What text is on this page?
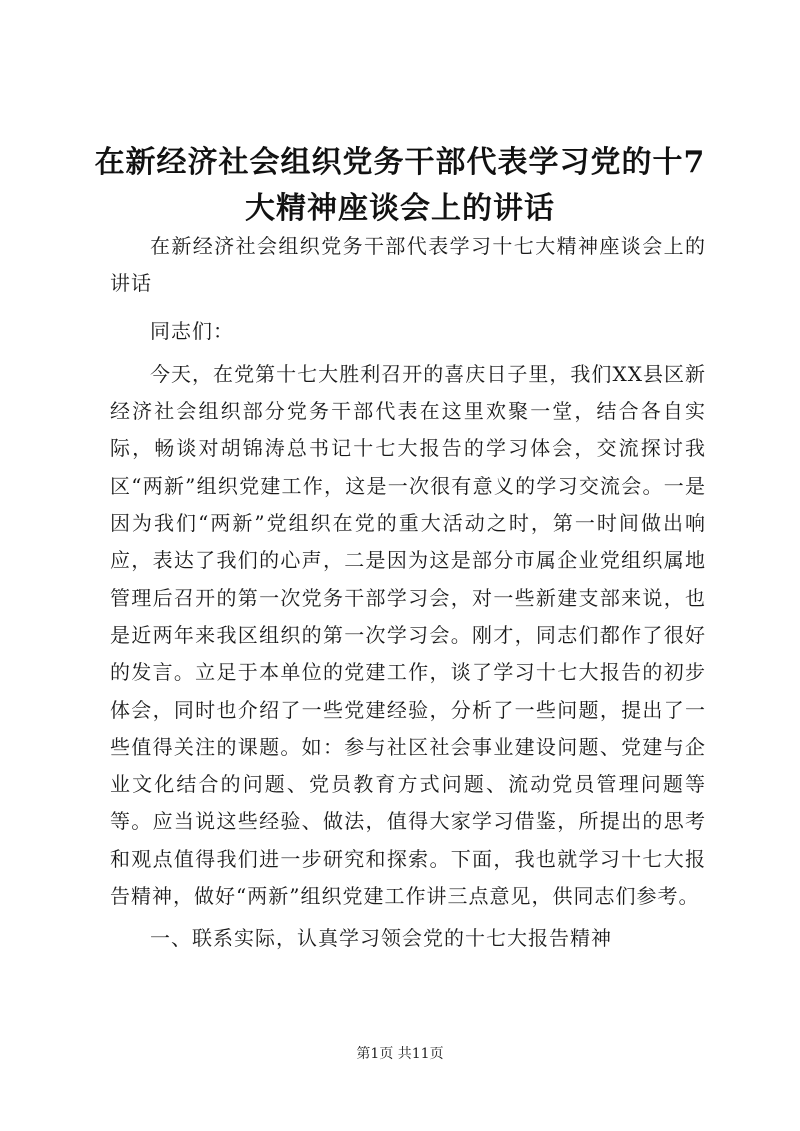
在新经济社会组织党务干部代表学习党的十7大精神座谈会上的讲话

在新经济社会组织党务干部代表学习十七大精神座谈会上的讲话

同志们：

今天，在党第十七大胜利召开的喜庆日子里，我们XX县区新经济社会组织部分党务干部代表在这里欢聚一堂，结合各自实际，畅谈对胡锦涛总书记十七大报告的学习体会，交流探讨我区“两新”组织党建工作，这是一次很有意义的学习交流会。一是因为我们“两新”党组织在党的重大活动之时，第一时间做出响应，表达了我们的心声，二是因为这是部分市属企业党组织属地管理后召开的第一次党务干部学习会，对一些新建支部来说，也是近两年来我区组织的第一次学习会。刚才，同志们都作了很好的发言。立足于本单位的党建工作，谈了学习十七大报告的初步体会，同时也介绍了一些党建经验，分析了一些问题，提出了一些值得关注的课题。如：参与社区社会事业建设问题、党建与企业文化结合的问题、党员教育方式问题、流动党员管理问题等等。应当说这些经验、做法，值得大家学习借鉴，所提出的思考和观点值得我们进一步研究和探索。下面，我也就学习十七大报告精神，做好“两新”组织党建工作讲三点意见，供同志们参考。

一、联系实际，认真学习领会党的十七大报告精神

第1页 共11页
